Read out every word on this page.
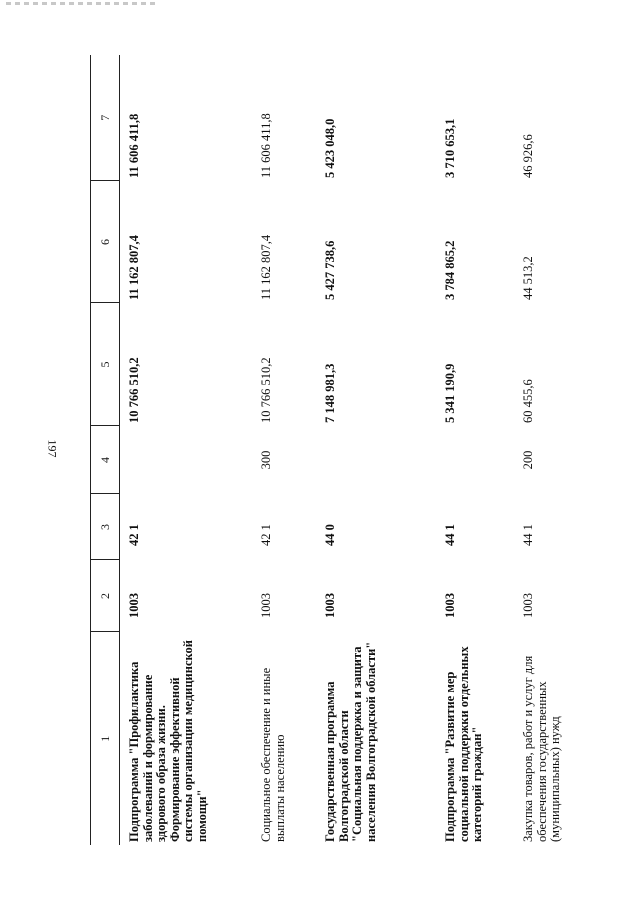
197
1	2	3	4	5	6	7
Подпрограмма "Профилактика заболеваний и формирование здорового образа жизни. Формирование эффективной системы организации медицинской помощи"	1003	42 1		10 766 510,2	11 162 807,4	11 606 411,8
Социальное обеспечение и иные выплаты населению	1003	42 1	300	10 766 510,2	11 162 807,4	11 606 411,8
Государственная программа Волгоградской области "Социальная поддержка и защита населения Волгоградской области"	1003	44 0		7 148 981,3	5 427 738,6	5 423 048,0
Подпрограмма "Развитие мер социальной поддержки отдельных категорий граждан"	1003	44 1		5 341 190,9	3 784 865,2	3 710 653,1
Закупка товаров, работ и услуг для обеспечения государственных (муниципальных) нужд	1003	44 1	200	60 455,6	44 513,2	46 926,6
